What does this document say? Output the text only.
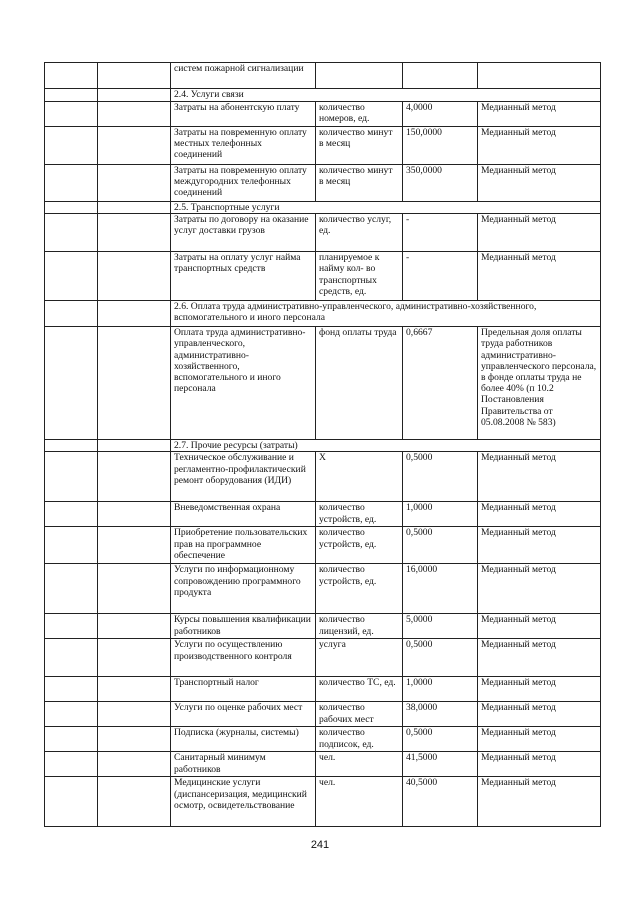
		систем пожарной сигнализации			
		2.4. Услуги связи			
		Затраты на абонентскую плату	количество номеров, ед.	4,0000	Медианный метод
		Затраты на повременную оплату местных телефонных соединений	количество минут в месяц	150,0000	Медианный метод
		Затраты на повременную оплату междугородних телефонных соединений	количество минут в месяц	350,0000	Медианный метод
		2.5. Транспортные услуги			
		Затраты по договору на оказание услуг доставки грузов	количество услуг, ед.	-	Медианный метод
		Затраты на оплату услуг найма транспортных средств	планируемое к найму кол- во транспортных средств, ед.	-	Медианный метод
		2.6. Оплата труда административно-управленческого, административно-хозяйственного, вспомогательного и иного персонала			
		Оплата труда административно-управленческого, административно-хозяйственного, вспомогательного и иного персонала	фонд оплаты труда	0,6667	Предельная доля оплаты труда работников административно-управленческого персонала, в фонде оплаты труда не более 40% (п 10.2 Постановления Правительства от 05.08.2008 № 583)
		2.7. Прочие ресурсы (затраты)			
		Техническое обслуживание и регламентно-профилактический ремонт оборудования (ИДИ)	Х	0,5000	Медианный метод
		Вневедомственная охрана	количество устройств, ед.	1,0000	Медианный метод
		Приобретение пользовательских прав на программное обеспечение	количество устройств, ед.	0,5000	Медианный метод
		Услуги по информационному сопровождению программного продукта	количество устройств, ед.	16,0000	Медианный метод
		Курсы повышения квалификации работников	количество лицензий, ед.	5,0000	Медианный метод
		Услуги по осуществлению производственного контроля	услуга	0,5000	Медианный метод
		Транспортный налог	количество ТС, ед.	1,0000	Медианный метод
		Услуги по оценке рабочих мест	количество рабочих мест	38,0000	Медианный метод
		Подписка (журналы, системы)	количество подписок, ед.	0,5000	Медианный метод
		Санитарный минимум работников	чел.	41,5000	Медианный метод
		Медицинские услуги (диспансеризация, медицинский осмотр, освидетельствование	чел.	40,5000	Медианный метод
241
